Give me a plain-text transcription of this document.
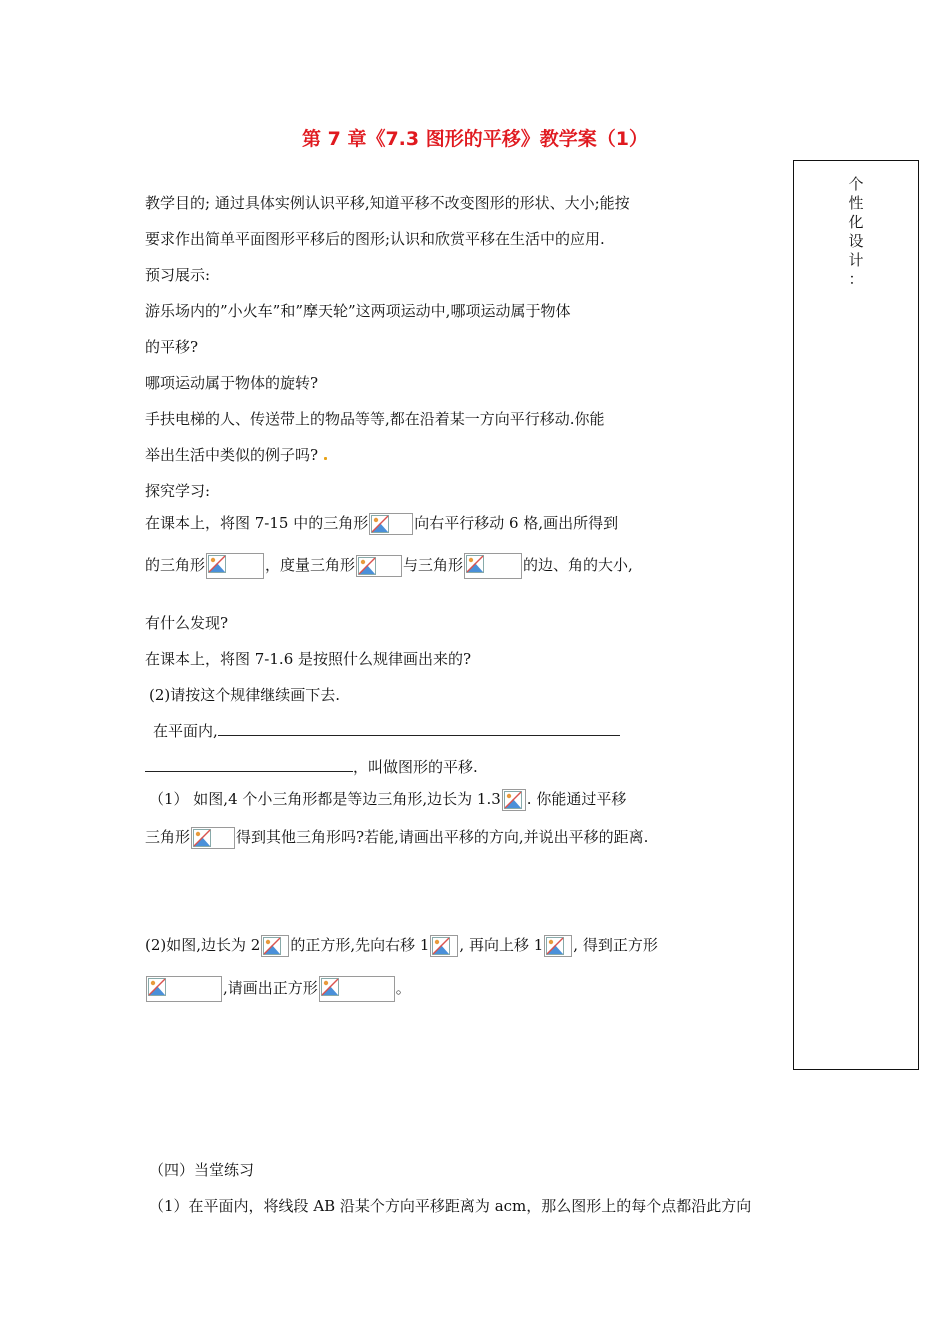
第 7 章《7.3 图形的平移》教学案（1）
个
性
化
设
计
：
教学目的; 通过具体实例认识平移,知道平移不改变图形的形状、大小;能按
要求作出简单平面图形平移后的图形;认识和欣赏平移在生活中的应用.
预习展示:
游乐场内的”小火车”和”摩天轮”这两项运动中,哪项运动属于物体
的平移?
哪项运动属于物体的旋转?
手扶电梯的人、传送带上的物品等等,都在沿着某一方向平行移动.你能
举出生活中类似的例子吗?
探究学习:
在课本上，将图 7-15 中的三角形	向右平行移动 6 格,画出所得到
的三角形	，度量三角形	与三角形	的边、角的大小,
有什么发现?
在课本上，将图 7-1.6 是按照什么规律画出来的?
(2)请按这个规律继续画下去.
在平面内,
，叫做图形的平移.
（1） 如图,4 个小三角形都是等边三角形,边长为 1.3 . 你能通过平移
三角形	得到其他三角形吗?若能,请画出平移的方向,并说出平移的距离.
(2)如图,边长为 2 的正方形,先向右移 1 , 再向上移 1 , 得到正方形
,请画出正方形	。
（四）当堂练习
（1）在平面内，将线段 AB 沿某个方向平移距离为 acm，那么图形上的每个点都沿此方向
